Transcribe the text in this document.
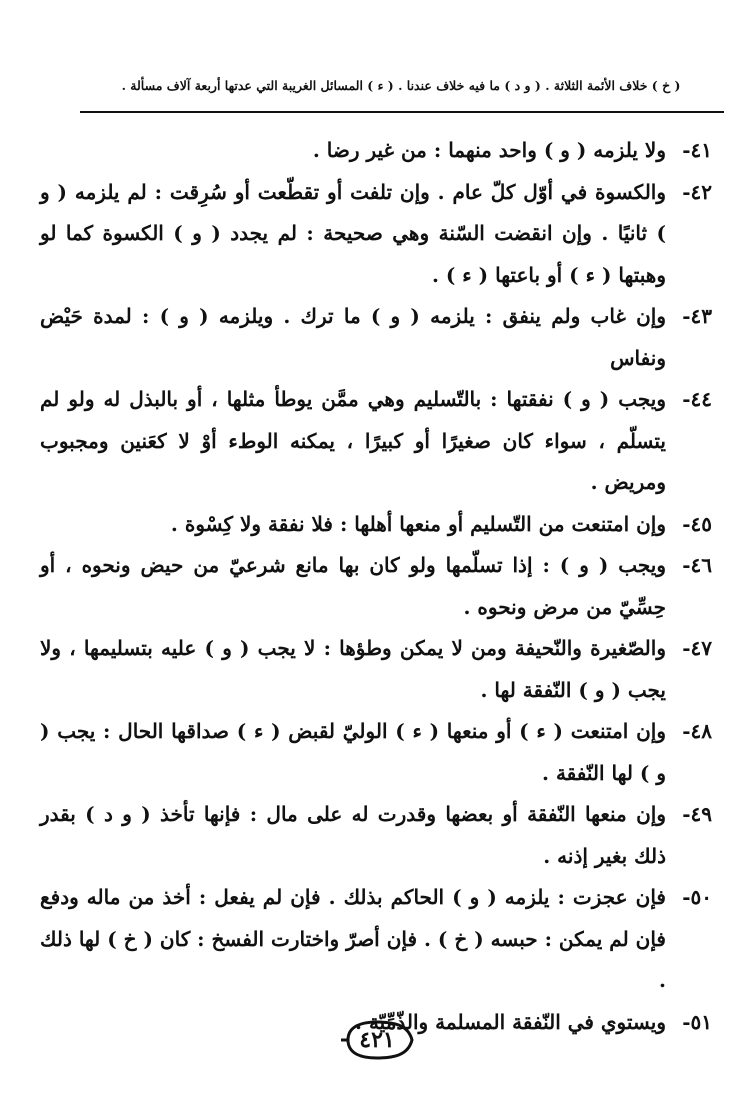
( خ ) خلاف الأئمة الثلاثة . ( و د ) ما فيه خلاف عندنا . ( ء ) المسائل الغريبة التي عدتها أربعة آلاف مسألة .

٤١-ولا يلزمه ( و ) واحد منهما : من غير رضا .

٤٢-والكسوة في أوّل كلّ عام . وإن تلفت أو تقطّعت أو سُرِقت : لم يلزمه ( و ) ثانيًا . وإن انقضت السّنة وهي صحيحة : لم يجدد ( و ) الكسوة كما لو وهبتها ( ء ) أو باعتها ( ء ) .

٤٣-وإن غاب ولم ينفق : يلزمه ( و ) ما ترك . ويلزمه ( و ) : لمدة حَيْض ونفاس

٤٤-ويجب ( و ) نفقتها : بالتّسليم وهي ممَّن يوطأ مثلها ، أو بالبذل له ولو لم يتسلّم ، سواء كان صغيرًا أو كبيرًا ، يمكنه الوطء أوْ لا كعَنين ومجبوب ومريض .

٤٥-وإن امتنعت من التّسليم أو منعها أهلها : فلا نفقة ولا كِسْوة .

٤٦-ويجب ( و ) : إذا تسلّمها ولو كان بها مانع شرعيّ من حيض ونحوه ، أو حِسِّيّ من مرض ونحوه .

٤٧-والصّغيرة والنّحيفة ومن لا يمكن وطؤها : لا يجب ( و ) عليه بتسليمها ، ولا يجب ( و ) النّفقة لها .

٤٨-وإن امتنعت ( ء ) أو منعها ( ء ) الوليّ لقبض ( ء ) صداقها الحال : يجب ( و ) لها النّفقة .

٤٩-وإن منعها النّفقة أو بعضها وقدرت له على مال : فإنها تأخذ ( و د ) بقدر ذلك بغير إذنه .

٥٠-فإن عجزت : يلزمه ( و ) الحاكم بذلك . فإن لم يفعل : أخذ من ماله ودفع فإن لم يمكن : حبسه ( خ ) . فإن أصرّ واختارت الفسخ : كان ( خ ) لها ذلك .

٥١-ويستوي في النّفقة المسلمة والذّمِّيّة .

٤٢١
